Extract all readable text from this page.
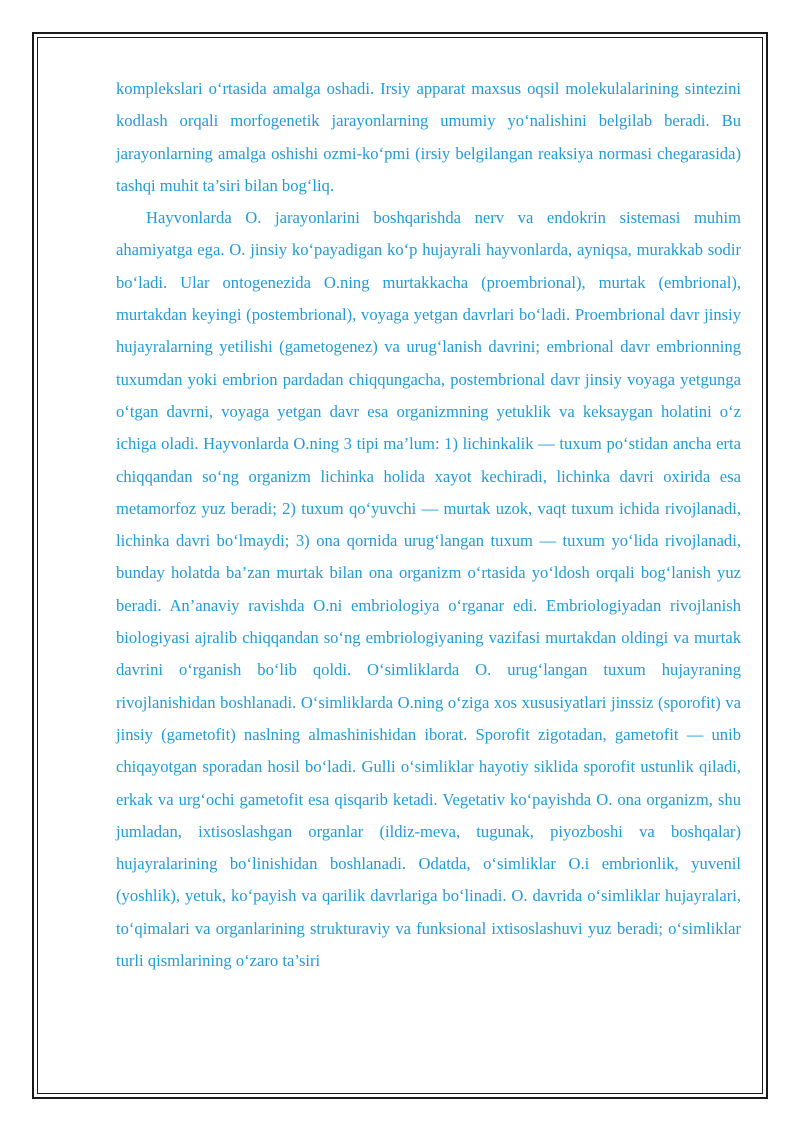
komplekslari o‘rtasida amalga oshadi. Irsiy apparat maxsus oqsil molekulalarining sintezini kodlash orqali morfogenetik jarayonlarning umumiy yo‘nalishini belgilab beradi. Bu jarayonlarning amalga oshishi ozmi-ko‘pmi (irsiy belgilangan reaksiya normasi chegarasida) tashqi muhit ta’siri bilan bog‘liq.

Hayvonlarda O. jarayonlarini boshqarishda nerv va endokrin sistemasi muhim ahamiyatga ega. O. jinsiy ko‘payadigan ko‘p hujayrali hayvonlarda, ayniqsa, murakkab sodir bo‘ladi. Ular ontogenezida O.ning murtakkacha (proembrional), murtak (embrional), murtakdan keyingi (postembrional), voyaga yetgan davrlari bo‘ladi. Proembrional davr jinsiy hujayralarning yetilishi (gametogenez) va urug‘lanish davrini; embrional davr embrionning tuxumdan yoki embrion pardadan chiqqungacha, postembrional davr jinsiy voyaga yetgunga o‘tgan davrni, voyaga yetgan davr esa organizmning yetuklik va keksaygan holatini o‘z ichiga oladi. Hayvonlarda O.ning 3 tipi ma’lum: 1) lichinkalik — tuxum po‘stidan ancha erta chiqqandan so‘ng organizm lichinka holida xayot kechiradi, lichinka davri oxirida esa metamorfoz yuz beradi; 2) tuxum qo‘yuvchi — murtak uzok, vaqt tuxum ichida rivojlanadi, lichinka davri bo‘lmaydi; 3) ona qornida urug‘langan tuxum — tuxum yo‘lida rivojlanadi, bunday holatda ba’zan murtak bilan ona organizm o‘rtasida yo‘ldosh orqali bog‘lanish yuz beradi. An’anaviy ravishda O.ni embriologiya o‘rganar edi. Embriologiyadan rivojlanish biologiyasi ajralib chiqqandan so‘ng embriologiyaning vazifasi murtakdan oldingi va murtak davrini o‘rganish bo‘lib qoldi. O‘simliklarda O. urug‘langan tuxum hujayraning rivojlanishidan boshlanadi. O‘simliklarda O.ning o‘ziga xos xususiyatlari jinssiz (sporofit) va jinsiy (gametofit) naslning almashinishidan iborat. Sporofit zigotadan, gametofit — unib chiqayotgan sporadan hosil bo‘ladi. Gulli o‘simliklar hayotiy siklida sporofit ustunlik qiladi, erkak va urg‘ochi gametofit esa qisqarib ketadi. Vegetativ ko‘payishda O. ona organizm, shu jumladan, ixtisoslashgan organlar (ildiz-meva, tugunak, piyozboshi va boshqalar) hujayralarining bo‘linishidan boshlanadi. Odatda, o‘simliklar O.i embrionlik, yuvenil (yoshlik), yetuk, ko‘payish va qarilik davrlariga bo‘linadi. O. davrida o‘simliklar hujayralari, to‘qimalari va organlarining strukturaviy va funksional ixtisoslashuvi yuz beradi; o‘simliklar turli qismlarining o‘zaro ta’siri
